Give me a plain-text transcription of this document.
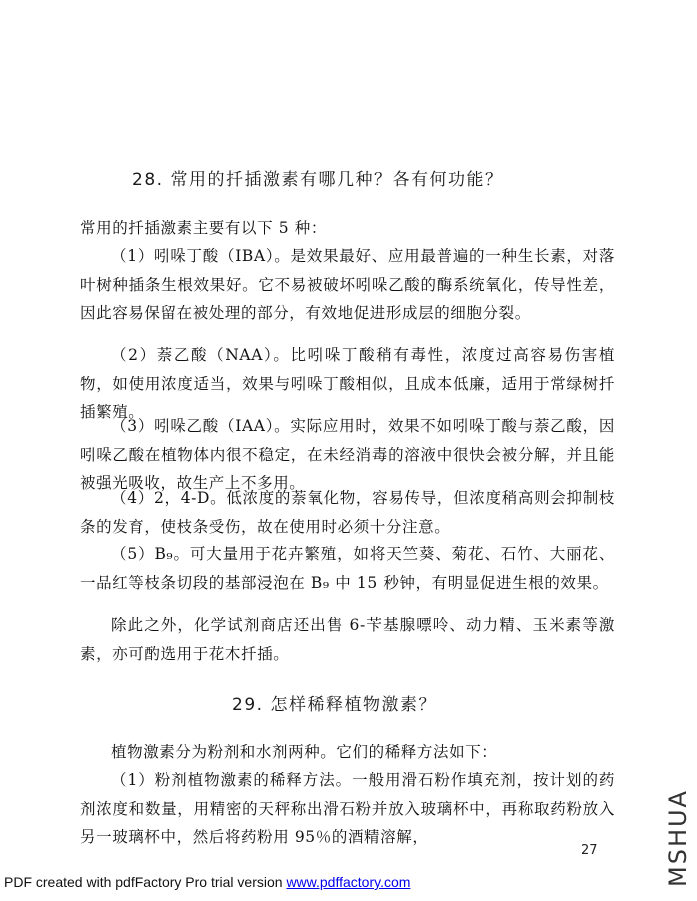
28. 常用的扦插激素有哪几种？各有何功能？

常用的扦插激素主要有以下 5 种：

（1）吲哚丁酸（IBA）。是效果最好、应用最普遍的一种生长素，对落叶树种插条生根效果好。它不易被破坏吲哚乙酸的酶系统氧化，传导性差，因此容易保留在被处理的部分，有效地促进形成层的细胞分裂。

（2）萘乙酸（NAA）。比吲哚丁酸稍有毒性，浓度过高容易伤害植物，如使用浓度适当，效果与吲哚丁酸相似，且成本低廉，适用于常绿树扦插繁殖。

（3）吲哚乙酸（IAA）。实际应用时，效果不如吲哚丁酸与萘乙酸，因吲哚乙酸在植物体内很不稳定，在未经消毒的溶液中很快会被分解，并且能被强光吸收，故生产上不多用。

（4）2，4-D。低浓度的萘氧化物，容易传导，但浓度稍高则会抑制枝条的发育，使枝条受伤，故在使用时必须十分注意。

（5）B₉。可大量用于花卉繁殖，如将天竺葵、菊花、石竹、大丽花、一品红等枝条切段的基部浸泡在 B₉ 中 15 秒钟，有明显促进生根的效果。

除此之外，化学试剂商店还出售 6-苄基腺嘌呤、动力精、玉米素等激素，亦可酌选用于花木扦插。

29. 怎样稀释植物激素？

植物激素分为粉剂和水剂两种。它们的稀释方法如下：

（1）粉剂植物激素的稀释方法。一般用滑石粉作填充剂，按计划的药剂浓度和数量，用精密的天秤称出滑石粉并放入玻璃杯中，再称取药粉放入另一玻璃杯中，然后将药粉用 95％的酒精溶解，

27
PDF created with pdfFactory Pro trial version www.pdffactory.com	MSHUA
